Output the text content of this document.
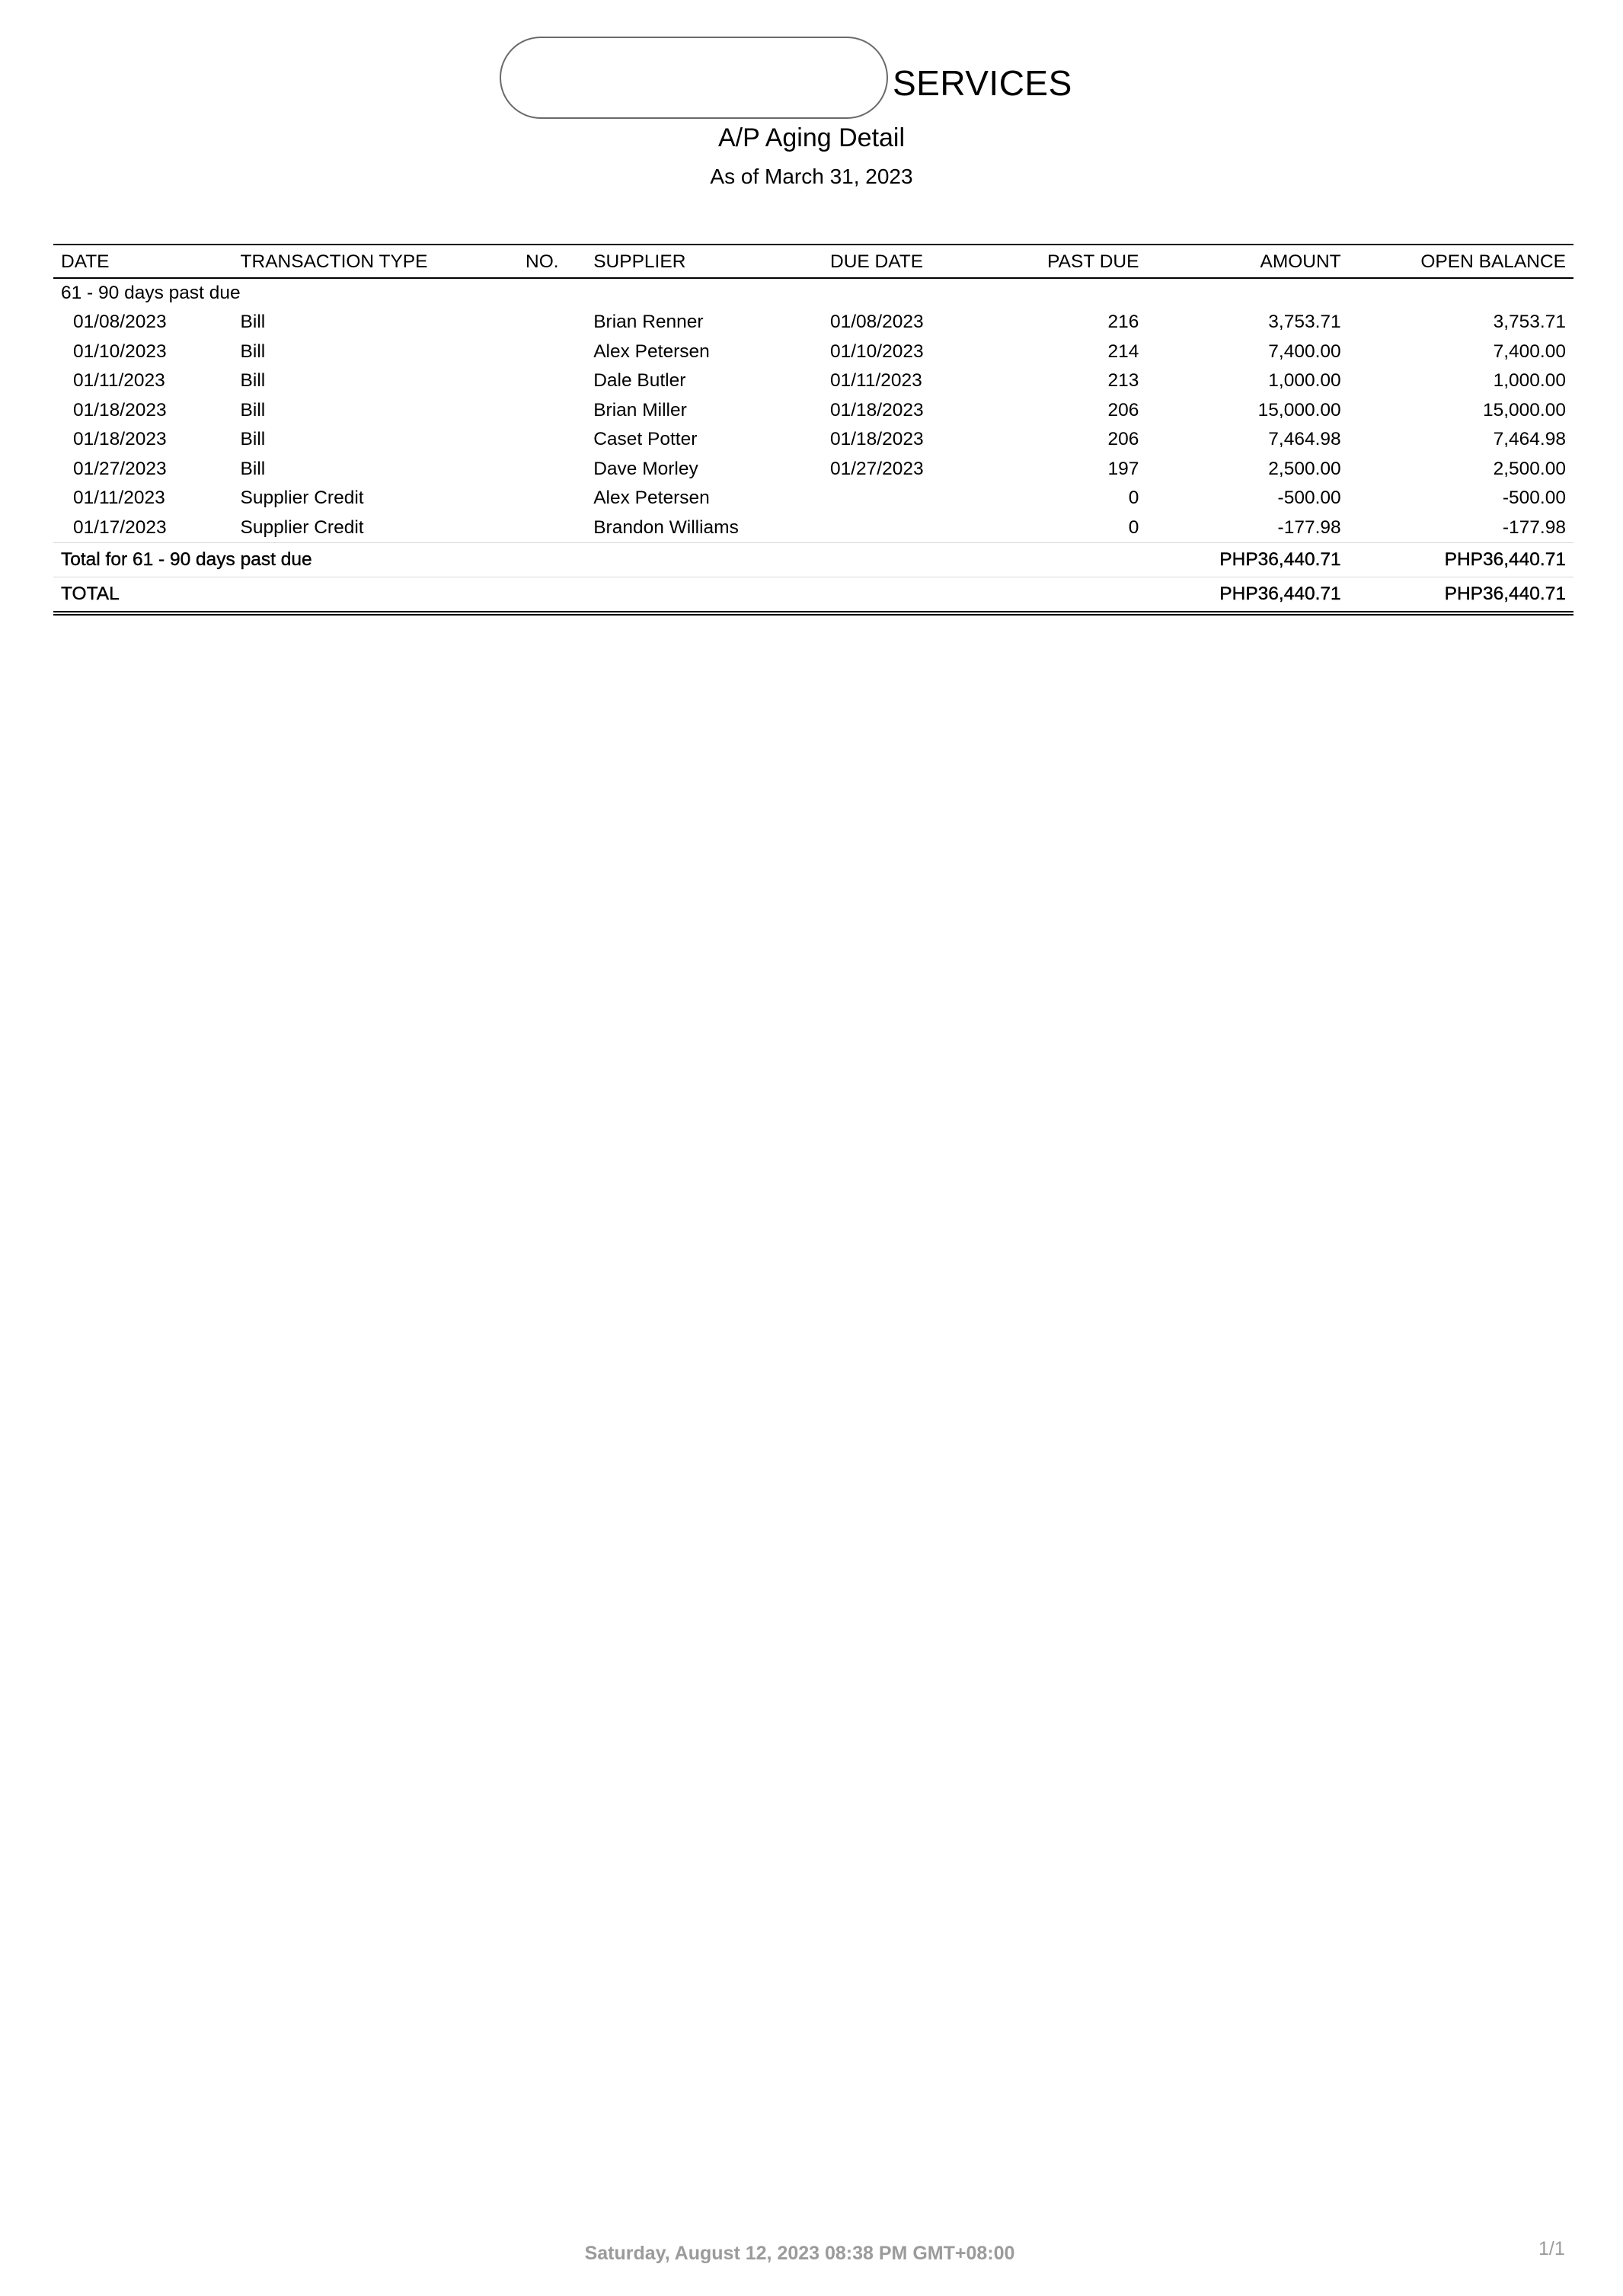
SERVICES
A/P Aging Detail
As of March 31, 2023
DATE	TRANSACTION TYPE	NO.	SUPPLIER	DUE DATE	PAST DUE	AMOUNT	OPEN BALANCE
61 - 90 days past due							
01/08/2023	Bill		Brian Renner	01/08/2023	216	3,753.71	3,753.71
01/10/2023	Bill		Alex Petersen	01/10/2023	214	7,400.00	7,400.00
01/11/2023	Bill		Dale Butler	01/11/2023	213	1,000.00	1,000.00
01/18/2023	Bill		Brian Miller	01/18/2023	206	15,000.00	15,000.00
01/18/2023	Bill		Caset Potter	01/18/2023	206	7,464.98	7,464.98
01/27/2023	Bill		Dave Morley	01/27/2023	197	2,500.00	2,500.00
01/11/2023	Supplier Credit		Alex Petersen		0	-500.00	-500.00
01/17/2023	Supplier Credit		Brandon Williams		0	-177.98	-177.98
Total for 61 - 90 days past due						PHP36,440.71	PHP36,440.71
TOTAL						PHP36,440.71	PHP36,440.71
Saturday, August 12, 2023 08:38 PM GMT+08:00	1/1
